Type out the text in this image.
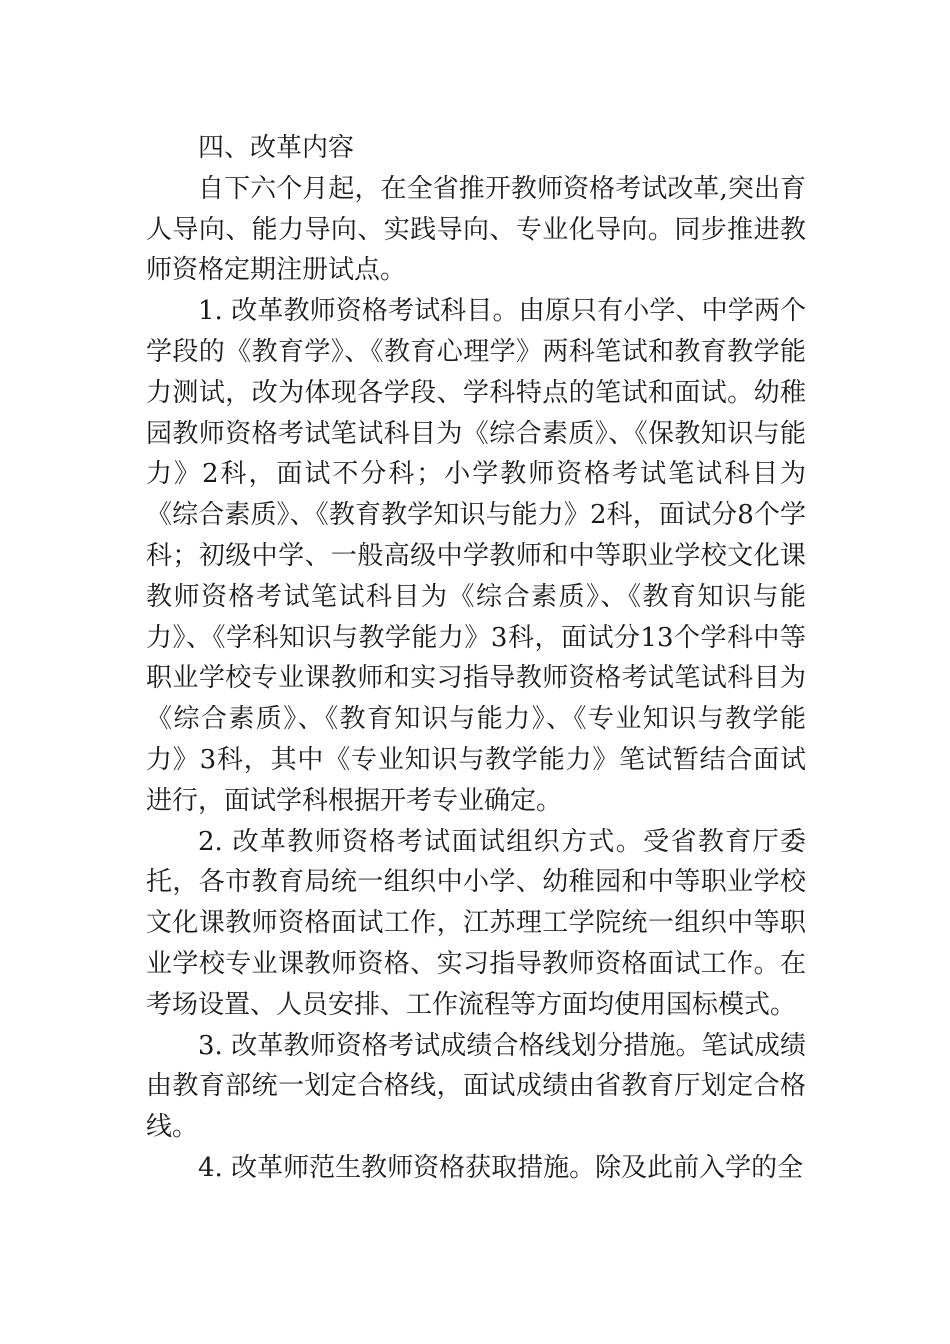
四、改革内容

自下六个月起，在全省推开教师资格考试改革,突出育人导向、能力导向、实践导向、专业化导向。同步推进教师资格定期注册试点。

1. 改革教师资格考试科目。由原只有小学、中学两个学段的《教育学》、《教育心理学》两科笔试和教育教学能力测试，改为体现各学段、学科特点的笔试和面试。幼稚园教师资格考试笔试科目为《综合素质》、《保教知识与能力》2科，面试不分科；小学教师资格考试笔试科目为《综合素质》、《教育教学知识与能力》2科，面试分8个学科；初级中学、一般高级中学教师和中等职业学校文化课教师资格考试笔试科目为《综合素质》、《教育知识与能力》、《学科知识与教学能力》3科，面试分13个学科中等职业学校专业课教师和实习指导教师资格考试笔试科目为《综合素质》、《教育知识与能力》、《专业知识与教学能力》3科，其中《专业知识与教学能力》笔试暂结合面试进行，面试学科根据开考专业确定。

2. 改革教师资格考试面试组织方式。受省教育厅委托，各市教育局统一组织中小学、幼稚园和中等职业学校文化课教师资格面试工作，江苏理工学院统一组织中等职业学校专业课教师资格、实习指导教师资格面试工作。在考场设置、人员安排、工作流程等方面均使用国标模式。

3. 改革教师资格考试成绩合格线划分措施。笔试成绩由教育部统一划定合格线，面试成绩由省教育厅划定合格线。

4. 改革师范生教师资格获取措施。除及此前入学的全
